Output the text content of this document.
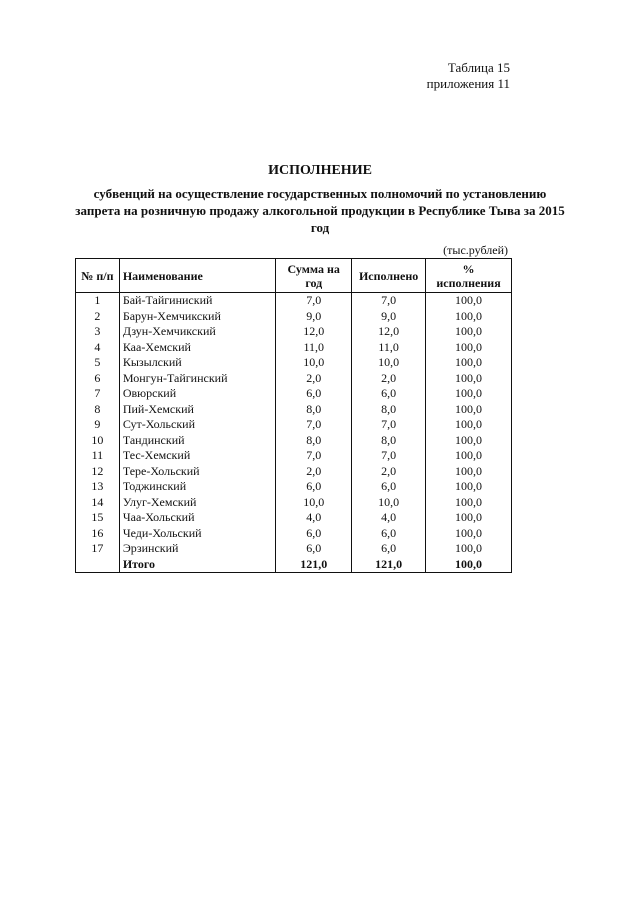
Таблица 15
приложения 11
ИСПОЛНЕНИЕ
субвенций на осуществление государственных полномочий по установлению запрета на розничную продажу алкогольной продукции в Республике Тыва за 2015 год
(тыс.рублей)
№ п/п	Наименование	Сумма на год	Исполнено	% исполнения
1	Бай-Тайгиниский	7,0	7,0	100,0
2	Барун-Хемчикский	9,0	9,0	100,0
3	Дзун-Хемчикский	12,0	12,0	100,0
4	Каа-Хемский	11,0	11,0	100,0
5	Кызылский	10,0	10,0	100,0
6	Монгун-Тайгинский	2,0	2,0	100,0
7	Овюрский	6,0	6,0	100,0
8	Пий-Хемский	8,0	8,0	100,0
9	Сут-Хольский	7,0	7,0	100,0
10	Тандинский	8,0	8,0	100,0
11	Тес-Хемский	7,0	7,0	100,0
12	Тере-Хольский	2,0	2,0	100,0
13	Тоджинский	6,0	6,0	100,0
14	Улуг-Хемский	10,0	10,0	100,0
15	Чаа-Хольский	4,0	4,0	100,0
16	Чеди-Хольский	6,0	6,0	100,0
17	Эрзинский	6,0	6,0	100,0
	Итого	121,0	121,0	100,0
